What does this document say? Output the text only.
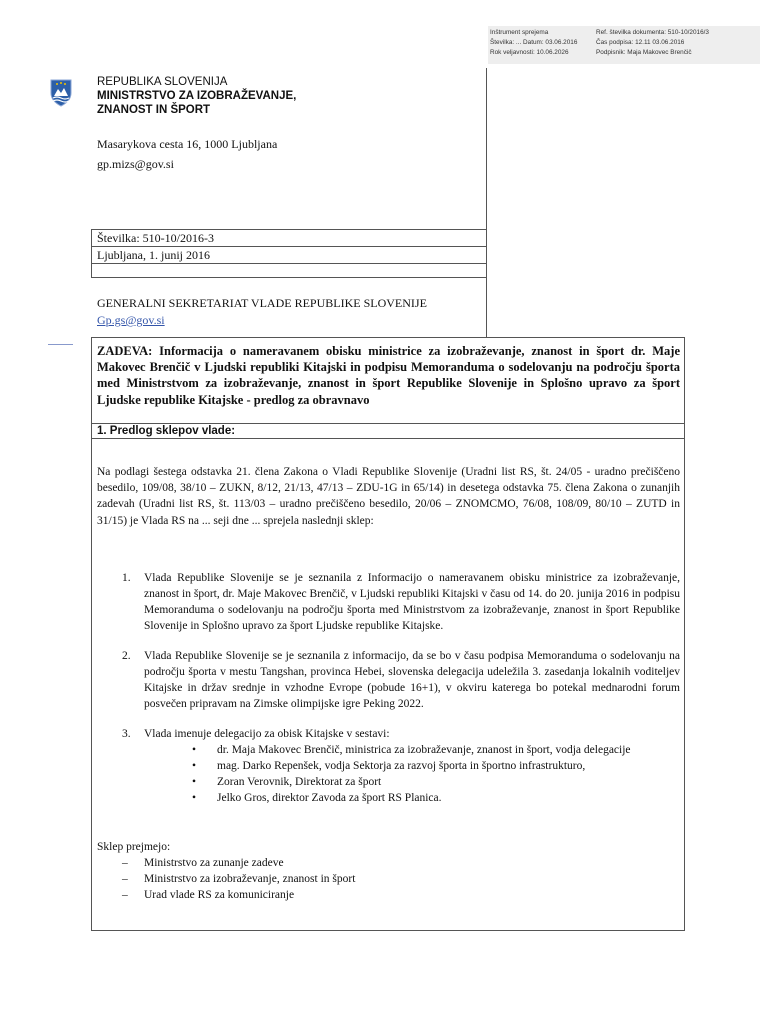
Inštrument sprejema
Številka: ... Datum: 03.06.2016
Rok veljavnosti: 10.06.2026
Ref. številka dokumenta: 510-10/2016/3
Čas podpisa: 12.11 03.06.2016
Podpisnik: Maja Makovec Brenčič
REPUBLIKA SLOVENIJA
MINISTRSTVO ZA IZOBRAŽEVANJE,
ZNANOST IN ŠPORT
Masarykova cesta 16, 1000 Ljubljana
gp.mizs@gov.si
Številka: 510-10/2016-3
Ljubljana, 1. junij 2016
GENERALNI SEKRETARIAT VLADE REPUBLIKE SLOVENIJE
Gp.gs@gov.si
ZADEVA: Informacija o nameravanem obisku ministrice za izobraževanje, znanost in šport dr. Maje Makovec Brenčič v Ljudski republiki Kitajski in podpisu Memoranduma o sodelovanju na področju športa med Ministrstvom za izobraževanje, znanost in šport Republike Slovenije in Splošno upravo za šport Ljudske republike Kitajske - predlog za obravnavo
1. Predlog sklepov vlade:
Na podlagi šestega odstavka 21. člena Zakona o Vladi Republike Slovenije (Uradni list RS, št. 24/05 - uradno prečiščeno besedilo, 109/08, 38/10 – ZUKN, 8/12, 21/13, 47/13 – ZDU-1G in 65/14) in desetega odstavka 75. člena Zakona o zunanjih zadevah (Uradni list RS, št. 113/03 – uradno prečiščeno besedilo, 20/06 – ZNOMCMO, 76/08, 108/09, 80/10 – ZUTD in 31/15) je Vlada RS na ... seji dne ... sprejela naslednji sklep:
1. Vlada Republike Slovenije se je seznanila z Informacijo o nameravanem obisku ministrice za izobraževanje, znanost in šport, dr. Maje Makovec Brenčič, v Ljudski republiki Kitajski v času od 14. do 20. junija 2016 in podpisu Memoranduma o sodelovanju na področju športa med Ministrstvom za izobraževanje, znanost in šport Republike Slovenije in Splošno upravo za šport Ljudske republike Kitajske.
2. Vlada Republike Slovenije se je seznanila z informacijo, da se bo v času podpisa Memoranduma o sodelovanju na področju športa v mestu Tangshan, provinca Hebei, slovenska delegacija udeležila 3. zasedanja lokalnih voditeljev Kitajske in držav srednje in vzhodne Evrope (pobude 16+1), v okviru katerega bo potekal mednarodni forum posvečen pripravam na Zimske olimpijske igre Peking 2022.
3. Vlada imenuje delegacijo za obisk Kitajske v sestavi:
• dr. Maja Makovec Brenčič, ministrica za izobraževanje, znanost in šport, vodja delegacije
• mag. Darko Repenšek, vodja Sektorja za razvoj športa in športno infrastrukturo,
• Zoran Verovnik, Direktorat za šport
• Jelko Gros, direktor Zavoda za šport RS Planica.
Sklep prejmejo:
– Ministrstvo za zunanje zadeve
– Ministrstvo za izobraževanje, znanost in šport
– Urad vlade RS za komuniciranje
